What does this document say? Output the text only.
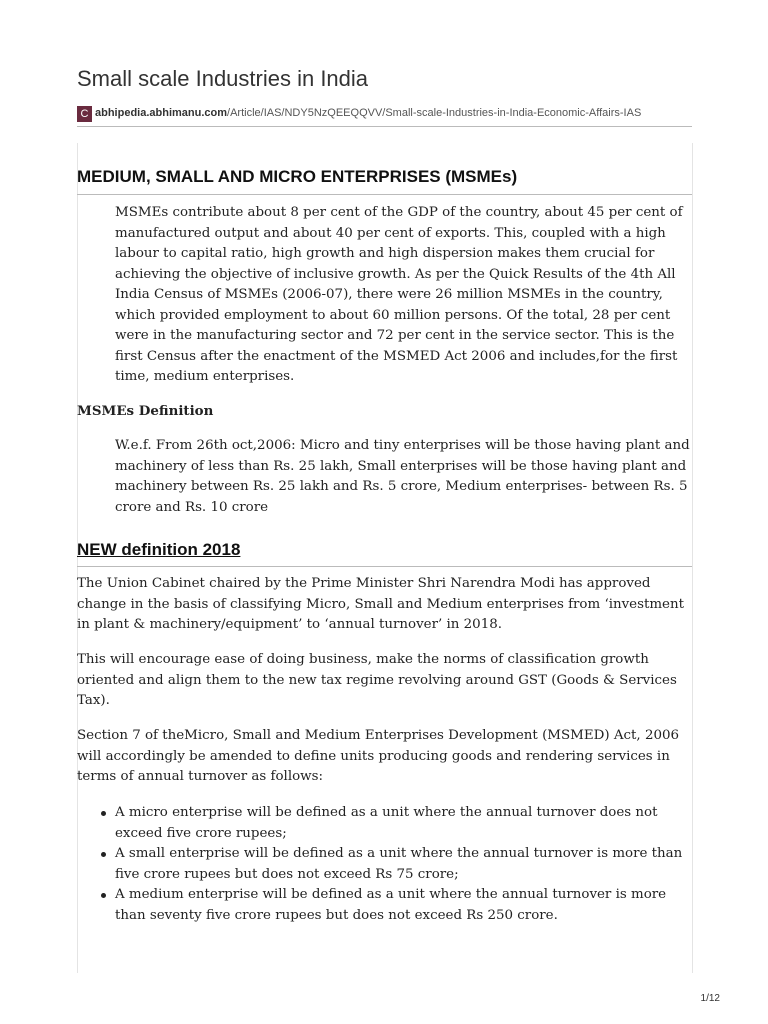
Small scale Industries in India
C abhipedia.abhimanu.com/Article/IAS/NDY5NzQEEQQVV/Small-scale-Industries-in-India-Economic-Affairs-IAS
MEDIUM, SMALL AND MICRO ENTERPRISES (MSMEs)

MSMEs contribute about 8 per cent of the GDP of the country, about 45 per cent of manufactured output and about 40 per cent of exports. This, coupled with a high labour to capital ratio, high growth and high dispersion makes them crucial for achieving the objective of inclusive growth. As per the Quick Results of the 4th All India Census of MSMEs (2006-07), there were 26 million MSMEs in the country, which provided employment to about 60 million persons. Of the total, 28 per cent were in the manufacturing sector and 72 per cent in the service sector. This is the first Census after the enactment of the MSMED Act 2006 and includes,for the first time, medium enterprises.

MSMEs Definition

W.e.f. From 26th oct,2006: Micro and tiny enterprises will be those having plant and machinery of less than Rs. 25 lakh, Small enterprises will be those having plant and machinery between Rs. 25 lakh and Rs. 5 crore, Medium enterprises- between Rs. 5 crore and Rs. 10 crore

NEW definition 2018

The Union Cabinet chaired by the Prime Minister Shri Narendra Modi has approved change in the basis of classifying Micro, Small and Medium enterprises from ‘investment in plant & machinery/equipment’ to ‘annual turnover’ in 2018.

This will encourage ease of doing business, make the norms of classification growth oriented and align them to the new tax regime revolving around GST (Goods & Services Tax).

Section 7 of theMicro, Small and Medium Enterprises Development (MSMED) Act, 2006 will accordingly be amended to define units producing goods and rendering services in terms of annual turnover as follows:

A micro enterprise will be defined as a unit where the annual turnover does not exceed five crore rupees;
A small enterprise will be defined as a unit where the annual turnover is more than five crore rupees but does not exceed Rs 75 crore;
A medium enterprise will be defined as a unit where the annual turnover is more than seventy five crore rupees but does not exceed Rs 250 crore.
1/12
